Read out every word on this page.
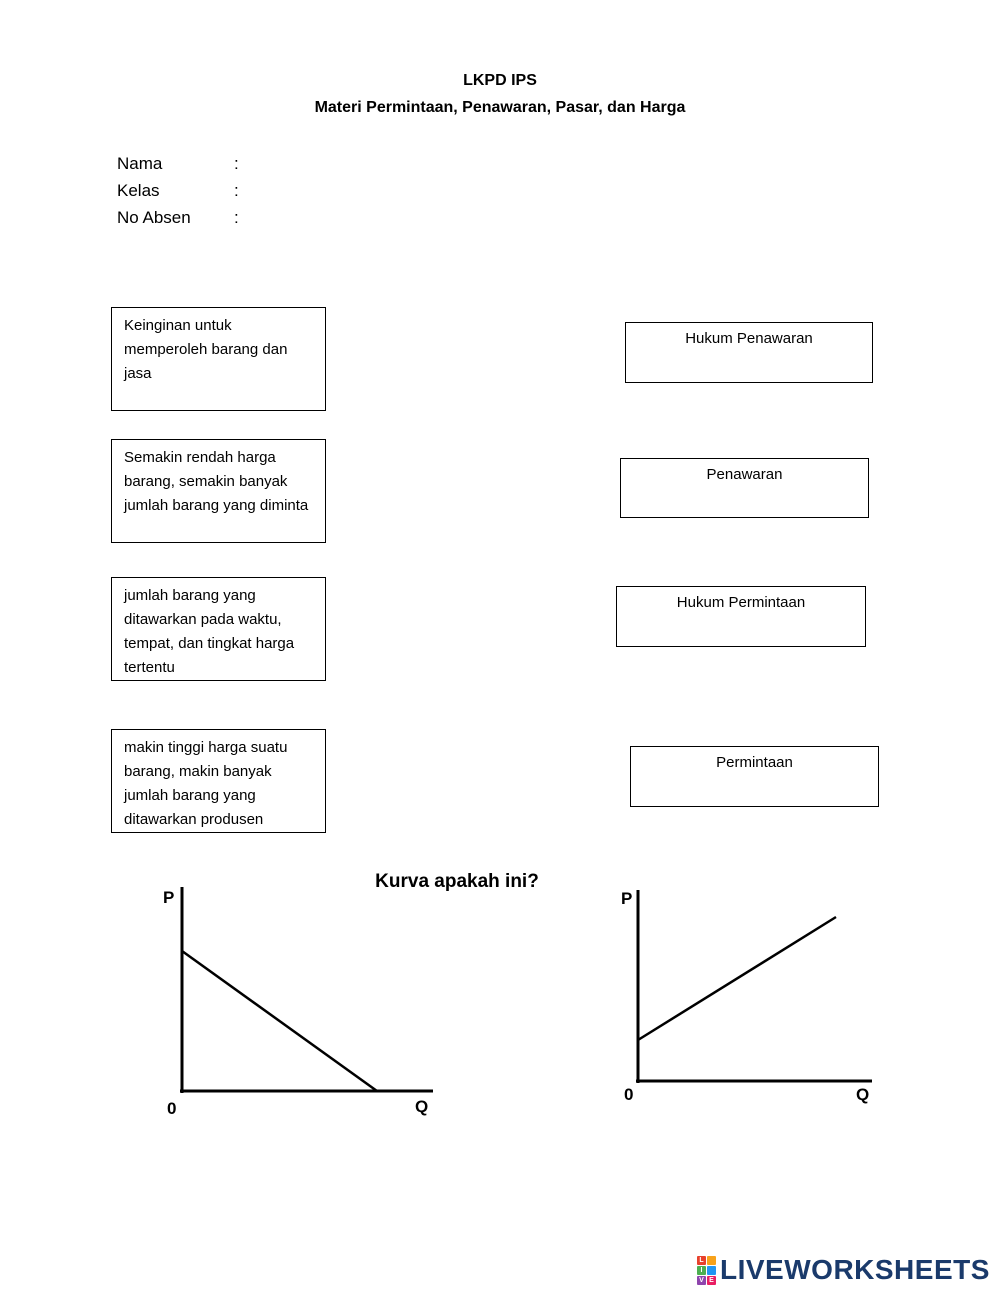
LKPD IPS
Materi Permintaan, Penawaran, Pasar, dan Harga
Nama	:
Kelas	:
No Absen	:
Keinginan untuk memperoleh barang dan jasa
Semakin rendah harga barang, semakin banyak jumlah barang yang diminta
jumlah barang yang ditawarkan pada waktu, tempat, dan tingkat harga tertentu
makin tinggi harga suatu barang, makin banyak jumlah barang yang ditawarkan produsen
Hukum Penawaran
Penawaran
Hukum Permintaan
Permintaan
Kurva apakah ini?
P
0	Q
P
0	Q
L
I
V E LIVEWORKSHEETS
